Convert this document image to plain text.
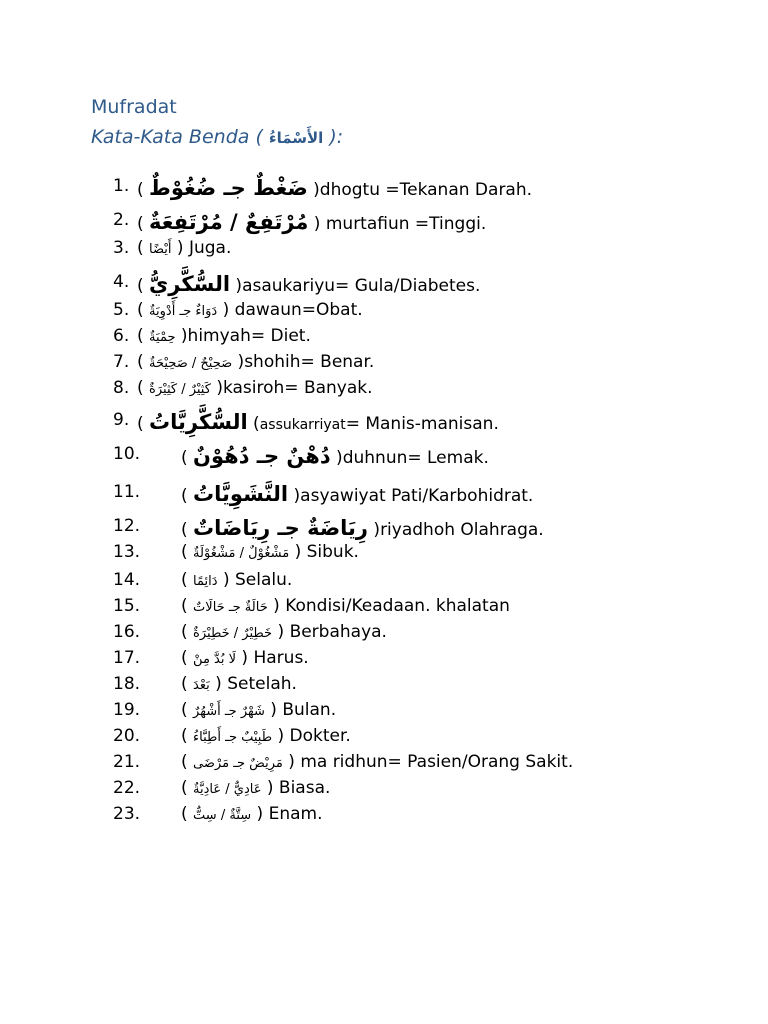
Mufradat
Kata-Kata Benda ( الأَسْمَاءُ ):
1. ( ضَغْطٌ جـ ضُغُوْطٌ )dhogtu =Tekanan Darah.
2. ( مُرْتَفِعٌ / مُرْتَفِعَةٌ ) murtafiun =Tinggi.
3. ( أَيْضًا ) Juga.
4. ( السُّكَّرِيُّ )asaukariyu= Gula/Diabetes.
5. ( دَوَاءٌ جـ أَدْوِيَةٌ ) dawaun=Obat.
6. ( حِمْيَةٌ )himyah= Diet.
7. ( صَحِيْحٌ / صَحِيْحَةٌ )shohih= Benar.
8. ( كَثِيْرٌ / كَثِيْرَةٌ )kasiroh= Banyak.
9. ( السُّكَّرِيَّاتُ (assukarriyat= Manis-manisan.
10. ( دُهْنٌ جـ دُهُوْنٌ )duhnun= Lemak.
11. ( النَّشَوِيَّاتُ )asyawiyat Pati/Karbohidrat.
12. ( رِيَاضَةٌ جـ رِيَاضَاتٌ )riyadhoh Olahraga.
13. ( مَشْغُوْلٌ / مَشْغُوْلَةٌ ) Sibuk.
14. ( دَائِمًا ) Selalu.
15. ( حَالَةٌ جـ حَالَاتٌ ) Kondisi/Keadaan. khalatan
16. ( خَطِيْرٌ / خَطِيْرَةٌ ) Berbahaya.
17. ( لَا بُدَّ مِنْ ) Harus.
18. ( بَعْدَ ) Setelah.
19. ( شَهْرٌ جـ أَشْهُرٌ ) Bulan.
20. ( طَبِيْبٌ جـ أَطِبَّاءُ ) Dokter.
21. ( مَرِيْضٌ جـ مَرْضَى ) ma ridhun= Pasien/Orang Sakit.
22. ( عَادِيٌّ / عَادِيَّةٌ ) Biasa.
23. ( سِتَّةٌ / سِتٌّ ) Enam.
